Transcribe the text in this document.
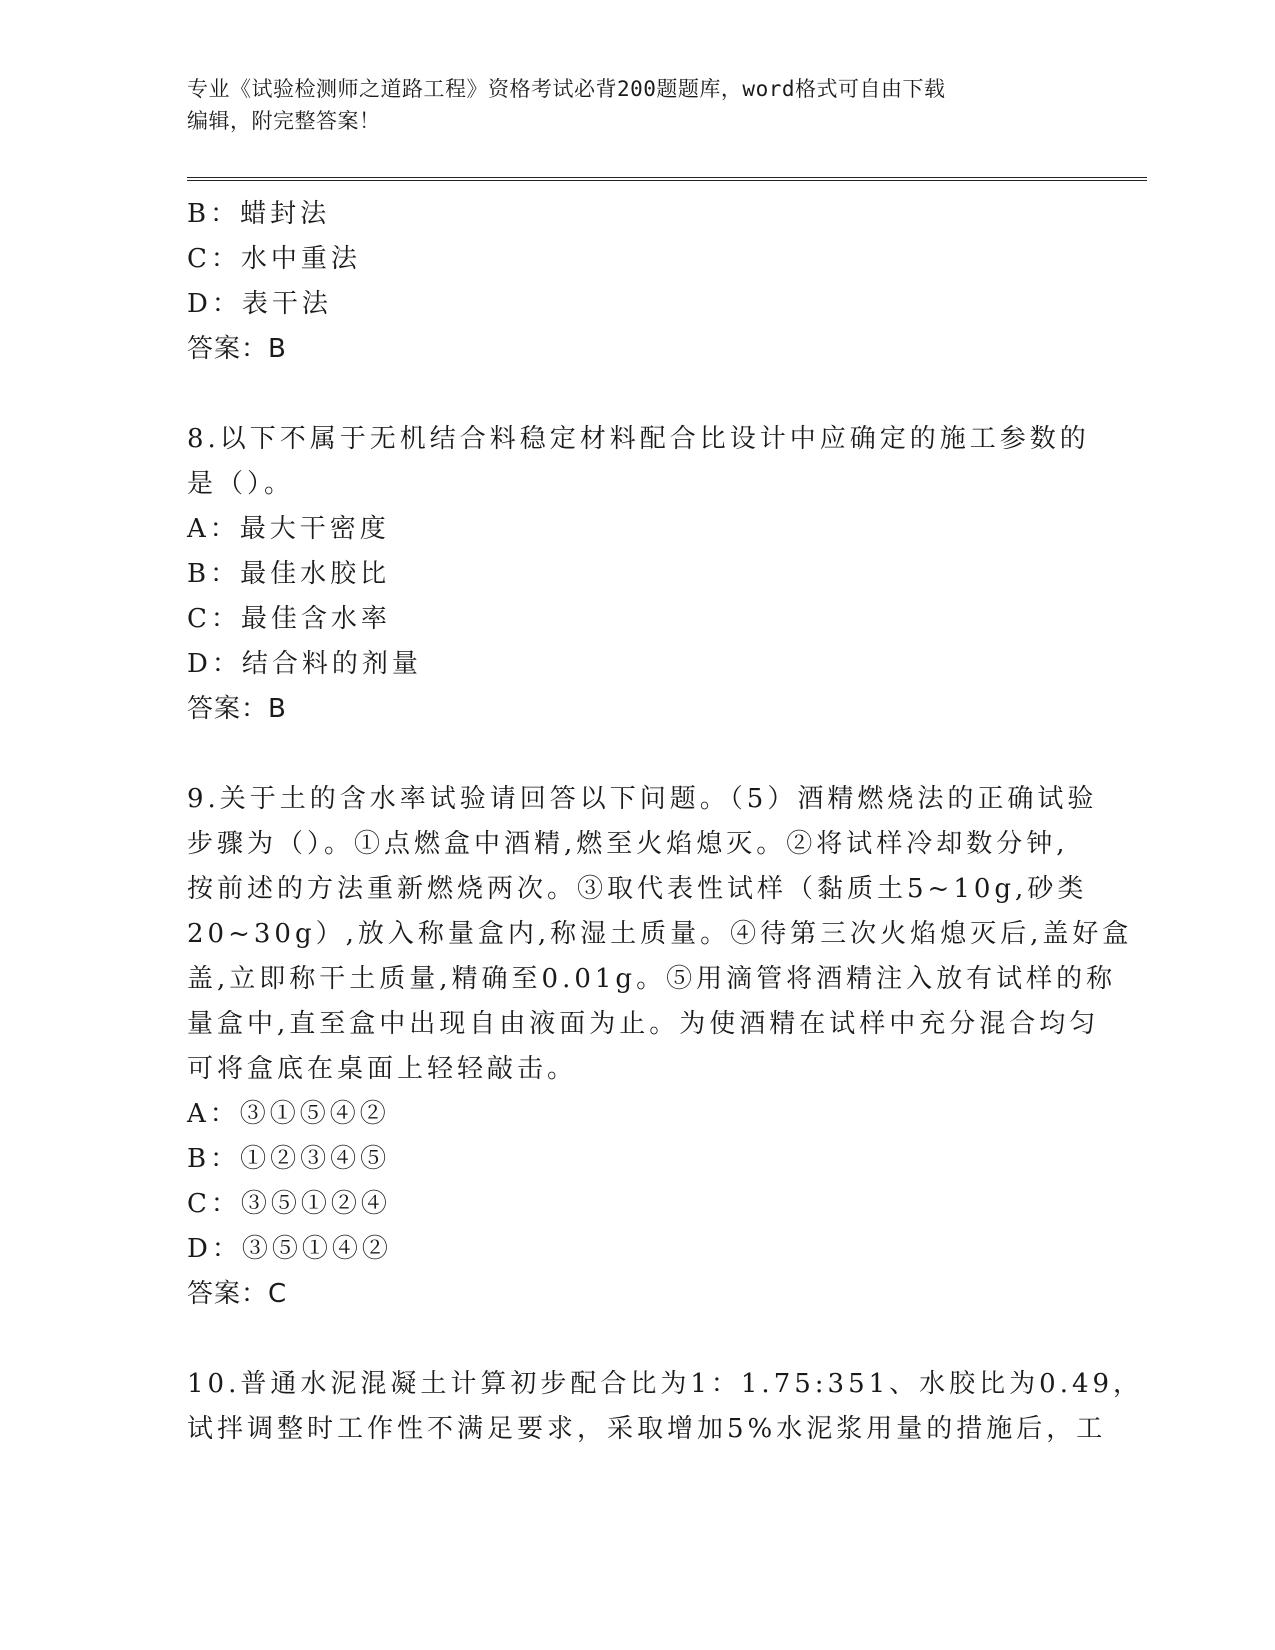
专业《试验检测师之道路工程》资格考试必背200题题库，word格式可自由下载
编辑，附完整答案！
B：蜡封法
C：水中重法
D：表干法
答案：B
8.以下不属于无机结合料稳定材料配合比设计中应确定的施工参数的
是（）。
A：最大干密度
B：最佳水胶比
C：最佳含水率
D：结合料的剂量
答案：B
9.关于土的含水率试验请回答以下问题。（5）酒精燃烧法的正确试验
步骤为（）。①点燃盒中酒精,燃至火焰熄灭。②将试样冷却数分钟,
按前述的方法重新燃烧两次。③取代表性试样（黏质土5~10g,砂类
20~30g）,放入称量盒内,称湿土质量。④待第三次火焰熄灭后,盖好盒
盖,立即称干土质量,精确至0.01g。⑤用滴管将酒精注入放有试样的称
量盒中,直至盒中出现自由液面为止。为使酒精在试样中充分混合均匀
可将盒底在桌面上轻轻敲击。
A：③①⑤④②
B：①②③④⑤
C：③⑤①②④
D：③⑤①④②
答案：C
10.普通水泥混凝土计算初步配合比为1：1.75:351、水胶比为0.49，
试拌调整时工作性不满足要求，采取增加5%水泥浆用量的措施后，工
